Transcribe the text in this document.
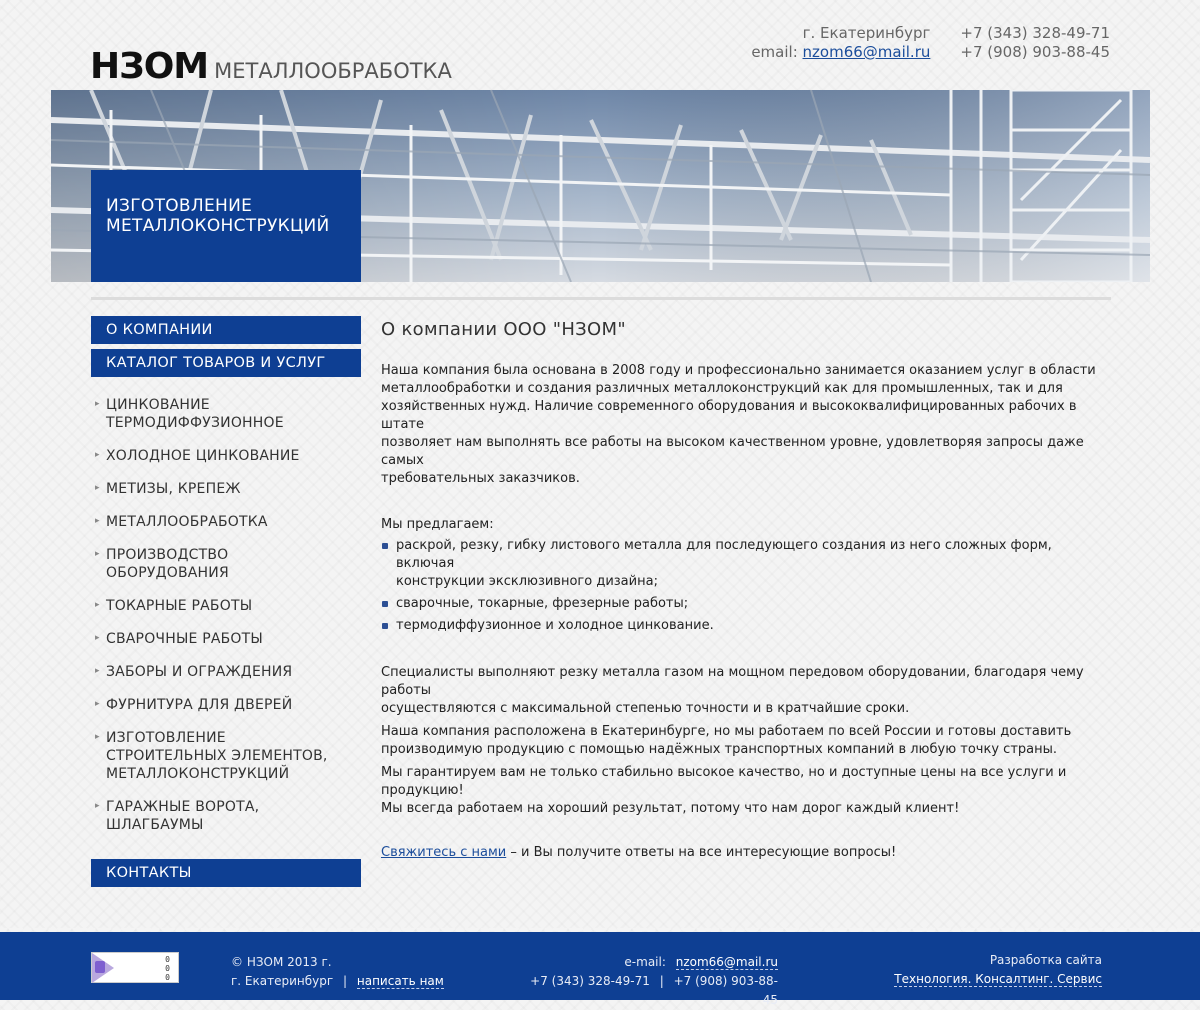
НЗОМ МЕТАЛЛООБРАБОТКА
г. Екатеринбург +7 (343) 328-49-71
email: nzom66@mail.ru +7 (908) 903-88-45
ИЗГОТОВЛЕНИЕ
МЕТАЛЛОКОНСТРУКЦИЙ
О КОМПАНИИ
КАТАЛОГ ТОВАРОВ И УСЛУГ
▸ ЦИНКОВАНИЕ
ТЕРМОДИФФУЗИОННОЕ
▸ ХОЛОДНОЕ ЦИНКОВАНИЕ
▸ МЕТИЗЫ, КРЕПЕЖ
▸ МЕТАЛЛООБРАБОТКА
▸ ПРОИЗВОДСТВО
ОБОРУДОВАНИЯ
▸ ТОКАРНЫЕ РАБОТЫ
▸ СВАРОЧНЫЕ РАБОТЫ
▸ ЗАБОРЫ И ОГРАЖДЕНИЯ
▸ ФУРНИТУРА ДЛЯ ДВЕРЕЙ
▸ ИЗГОТОВЛЕНИЕ
СТРОИТЕЛЬНЫХ ЭЛЕМЕНТОВ,
МЕТАЛЛОКОНСТРУКЦИЙ
▸ ГАРАЖНЫЕ ВОРОТА,
ШЛАГБАУМЫ
КОНТАКТЫ
О компании ООО "НЗОМ"

Наша компания была основана в 2008 году и профессионально занимается оказанием услуг в области
металлообработки и создания различных металлоконструкций как для промышленных, так и для
хозяйственных нужд. Наличие современного оборудования и высококвалифицированных рабочих в штате
позволяет нам выполнять все работы на высоком качественном уровне, удовлетворяя запросы даже самых
требовательных заказчиков.

Мы предлагаем:

раскрой, резку, гибку листового металла для последующего создания из него сложных форм, включая
конструкции эксклюзивного дизайна;
сварочные, токарные, фрезерные работы;
термодиффузионное и холодное цинкование.

Специалисты выполняют резку металла газом на мощном передовом оборудовании, благодаря чему работы
осуществляются с максимальной степенью точности и в кратчайшие сроки.

Наша компания расположена в Екатеринбурге, но мы работаем по всей России и готовы доставить
производимую продукцию с помощью надёжных транспортных компаний в любую точку страны.

Мы гарантируем вам не только стабильно высокое качество, но и доступные цены на все услуги и продукцию!
Мы всегда работаем на хороший результат, потому что нам дорог каждый клиент!

Свяжитесь с нами – и Вы получите ответы на все интересующие вопросы!

0
0
0
© НЗОМ 2013 г.
г. Екатеринбург | написать нам
e-mail: nzom66@mail.ru
+7 (343) 328-49-71 | +7 (908) 903-88-45
Разработка сайта
Технология. Консалтинг. Сервис
